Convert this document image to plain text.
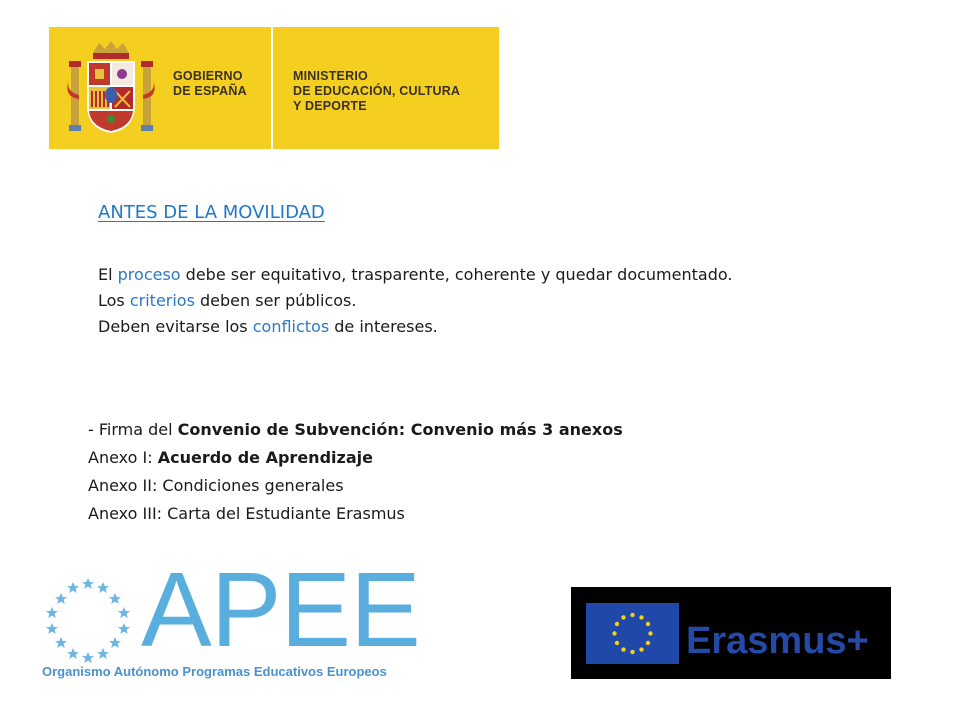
GOBIERNO
DE ESPAÑA
MINISTERIO
DE EDUCACIÓN, CULTURA
Y DEPORTE
ANTES DE LA MOVILIDAD

El proceso debe ser equitativo, trasparente, coherente y quedar documentado.

Los criterios deben ser públicos.

Deben evitarse los conflictos de intereses.

- Firma del Convenio de Subvención: Convenio más 3 anexos

Anexo I: Acuerdo de Aprendizaje

Anexo II: Condiciones generales

Anexo III: Carta del Estudiante Erasmus

APEE
Organismo Autónomo Programas Educativos Europeos
Erasmus+
